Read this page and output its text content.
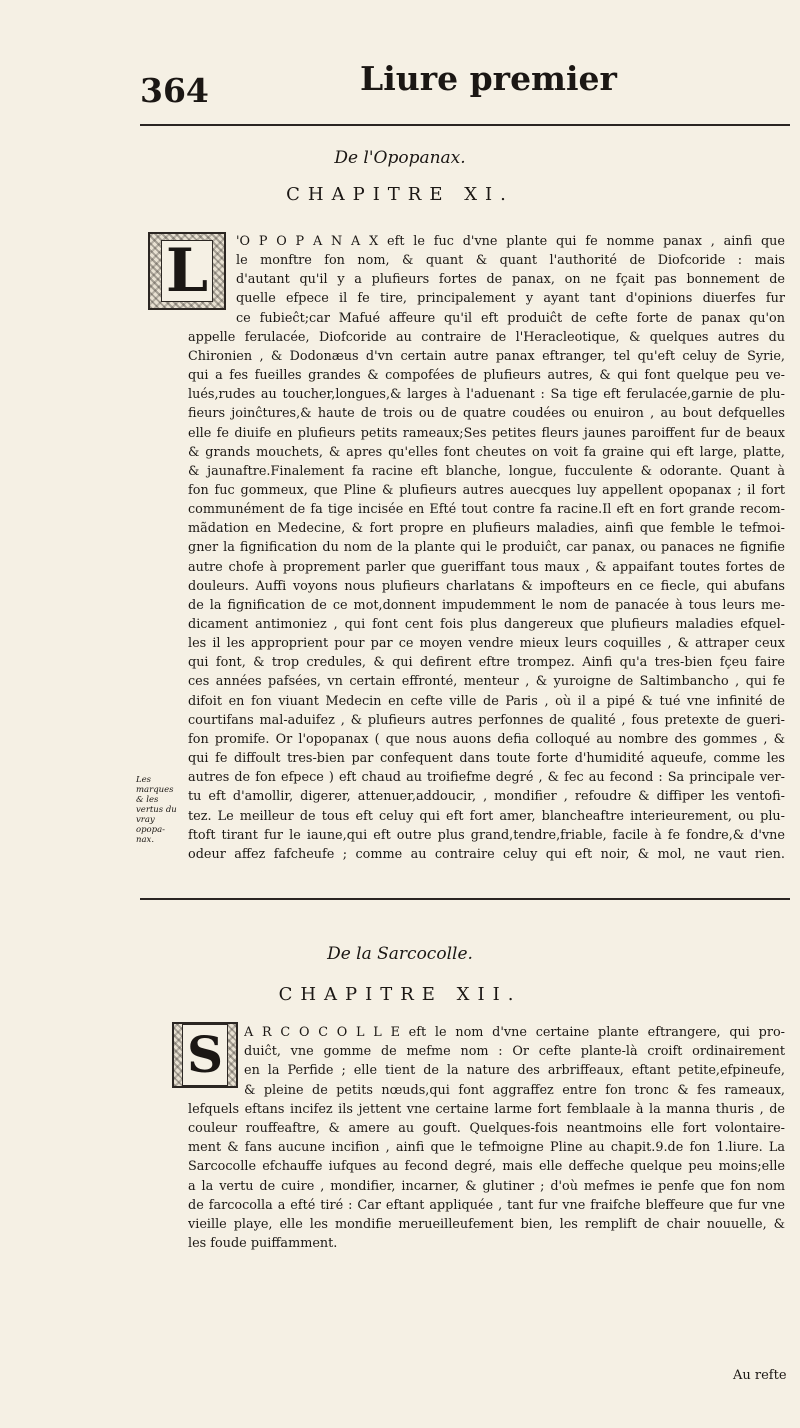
364	Liure premier
De l'Opopanax.
CHAPITRE XI.
L	'O P O P A N A X eft le fuc d'vne plante qui fe nomme panax , ainfi que
le monftre fon nom, & quant & quant l'authorité de Diofcoride : mais
d'autant qu'il y a plufieurs fortes de panax, on ne fçait pas bonnement de
quelle efpece il fe tire, principalement y ayant tant d'opinions diuerfes fur
ce fubieĉt;car Mafué affeure qu'il eft produiĉt de cefte forte de panax qu'on
appelle ferulacée, Diofcoride au contraire de l'Heracleotique, & quelques autres du
Chironien , & Dodonæus d'vn certain autre panax eftranger, tel qu'eft celuy de Syrie,
qui a fes fueilles grandes & compofées de plufieurs autres, & qui font quelque peu ve-
lués,rudes au toucher,longues,& larges à l'aduenant : Sa tige eft ferulacée,garnie de plu-
fieurs joinĉtures,& haute de trois ou de quatre coudées ou enuiron , au bout defquelles
elle fe diuife en plufieurs petits rameaux;Ses petites fleurs jaunes paroiffent fur de beaux
& grands mouchets, & apres qu'elles font cheutes on voit fa graine qui eft large, platte,
& jaunaftre.Finalement fa racine eft blanche, longue, fucculente & odorante. Quant à
fon fuc gommeux, que Pline & plufieurs autres auecques luy appellent opopanax ; il fort
communément de fa tige incisée en Efté tout contre fa racine.Il eft en fort grande recom-
mãdation en Medecine, & fort propre en plufieurs maladies, ainfi que femble le tefmoi-
gner la fignification du nom de la plante qui le produiĉt, car panax, ou panaces ne fignifie
autre chofe à proprement parler que gueriffant tous maux , & appaifant toutes fortes de
douleurs. Auffi voyons nous plufieurs charlatans & impofteurs en ce fiecle, qui abufans
de la fignification de ce mot,donnent impudemment le nom de panacée à tous leurs me-
dicament antimoniez , qui font cent fois plus dangereux que plufieurs maladies efquel-
les il les approprient pour par ce moyen vendre mieux leurs coquilles , & attraper ceux
qui font, & trop credules, & qui defirent eftre trompez. Ainfi qu'a tres-bien fçeu faire
ces années pafsées, vn certain effronté, menteur , & yuroigne de Saltimbancho , qui fe
difoit en fon viuant Medecin en cefte ville de Paris , où il a pipé & tué vne infinité de
courtifans mal-aduifez , & plufieurs autres perfonnes de qualité , fous pretexte de gueri-
fon promife. Or l'opopanax ( que nous auons defia colloqué au nombre des gommes , &
qui fe diffoult tres-bien par confequent dans toute forte d'humidité aqueufe, comme les
autres de fon efpece ) eft chaud au troifiefme degré , & fec au fecond : Sa principale ver-
tu eft d'amollir, digerer, attenuer,addoucir, , mondifier , refoudre & diffiper les ventofi-
tez. Le meilleur de tous eft celuy qui eft fort amer, blancheaftre interieurement, ou plu-
ftoft tirant fur le iaune,qui eft outre plus grand,tendre,friable, facile à fe fondre,& d'vne
odeur affez fafcheufe ; comme au contraire celuy qui eft noir, & mol, ne vaut rien.
Les marques & les vertus du vray opopa- nax.
De la Sarcocolle.
CHAPITRE XII.
S	A R C O C O L L E eft le nom d'vne certaine plante eftrangere, qui pro-
duiĉt, vne gomme de mefme nom : Or cefte plante-là croift ordinairement
en la Perfide ; elle tient de la nature des arbriffeaux, eftant petite,efpineufe,
& pleine de petits nœuds,qui font aggraffez entre fon tronc & fes rameaux,
lefquels eftans incifez ils jettent vne certaine larme fort femblaale à la manna thuris , de
couleur rouffeaftre, & amere au gouft. Quelques-fois neantmoins elle fort volontaire-
ment & fans aucune incifion , ainfi que le tefmoigne Pline au chapit.9.de fon 1.liure. La
Sarcocolle efchauffe iufques au fecond degré, mais elle deffeche quelque peu moins;elle
a la vertu de cuire , mondifier, incarner, & glutiner ; d'où mefmes ie penfe que fon nom
de farcocolla a efté tiré : Car eftant appliquée , tant fur vne fraifche bleffeure que fur vne
vieille playe, elle les mondifie merueilleufement bien, les remplift de chair nouuelle, &
les foude puiffamment.
Au refte
